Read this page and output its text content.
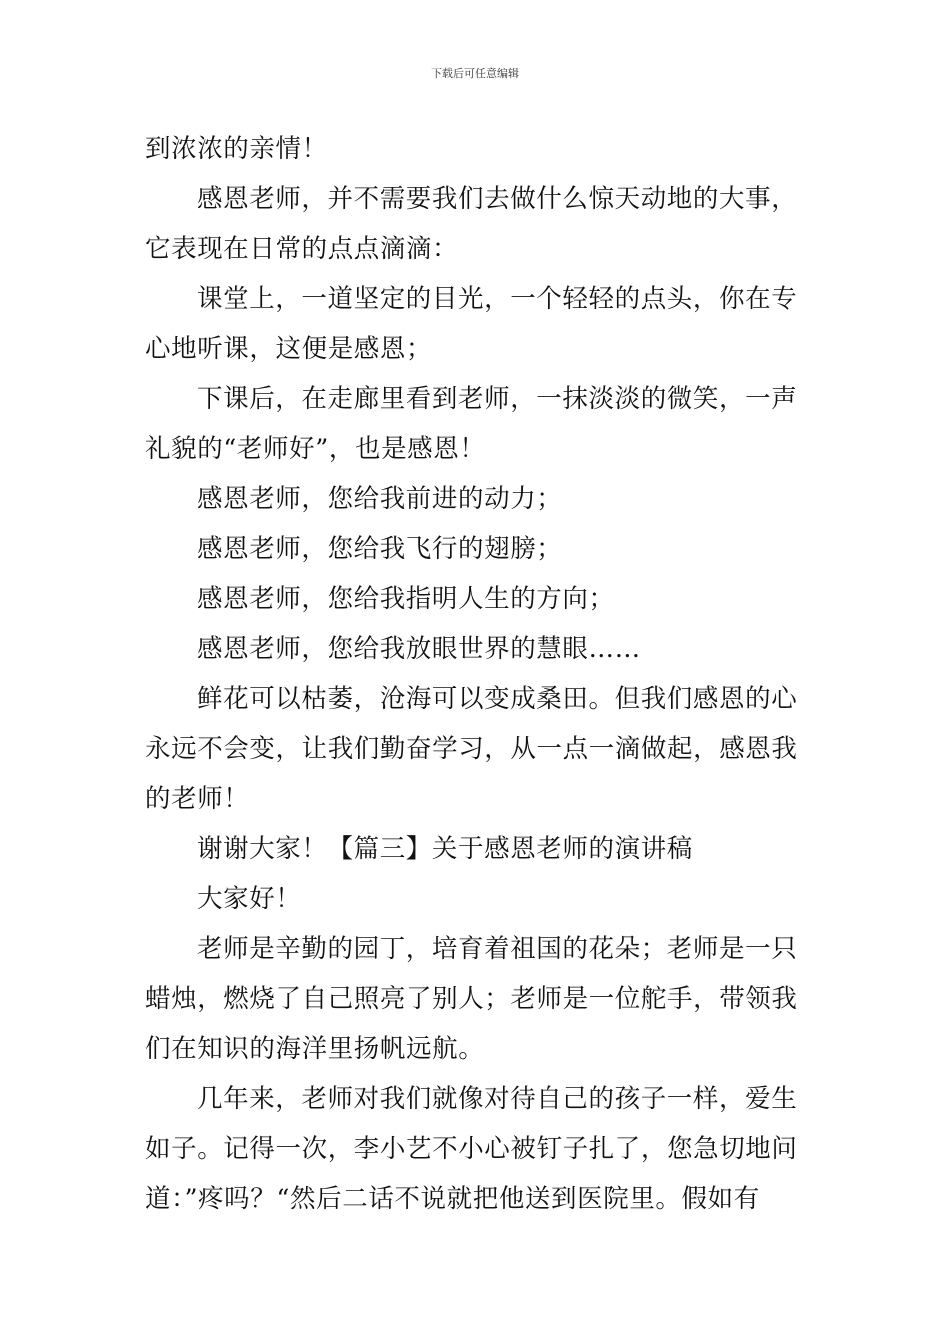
下载后可任意编辑
到浓浓的亲情！
感恩老师，并不需要我们去做什么惊天动地的大事，
它表现在日常的点点滴滴：
课堂上，一道坚定的目光，一个轻轻的点头，你在专
心地听课，这便是感恩；
下课后，在走廊里看到老师，一抹淡淡的微笑，一声
礼貌的“老师好”，也是感恩！
感恩老师，您给我前进的动力；
感恩老师，您给我飞行的翅膀；
感恩老师，您给我指明人生的方向；
感恩老师，您给我放眼世界的慧眼……
鲜花可以枯萎，沧海可以变成桑田。但我们感恩的心
永远不会变，让我们勤奋学习，从一点一滴做起，感恩我
的老师！
谢谢大家！【篇三】关于感恩老师的演讲稿
大家好！
老师是辛勤的园丁，培育着祖国的花朵；老师是一只
蜡烛，燃烧了自己照亮了别人；老师是一位舵手，带领我
们在知识的海洋里扬帆远航。
几年来，老师对我们就像对待自己的孩子一样，爱生
如子。记得一次，李小艺不小心被钉子扎了，您急切地问
道：”疼吗？“然后二话不说就把他送到医院里。假如有
